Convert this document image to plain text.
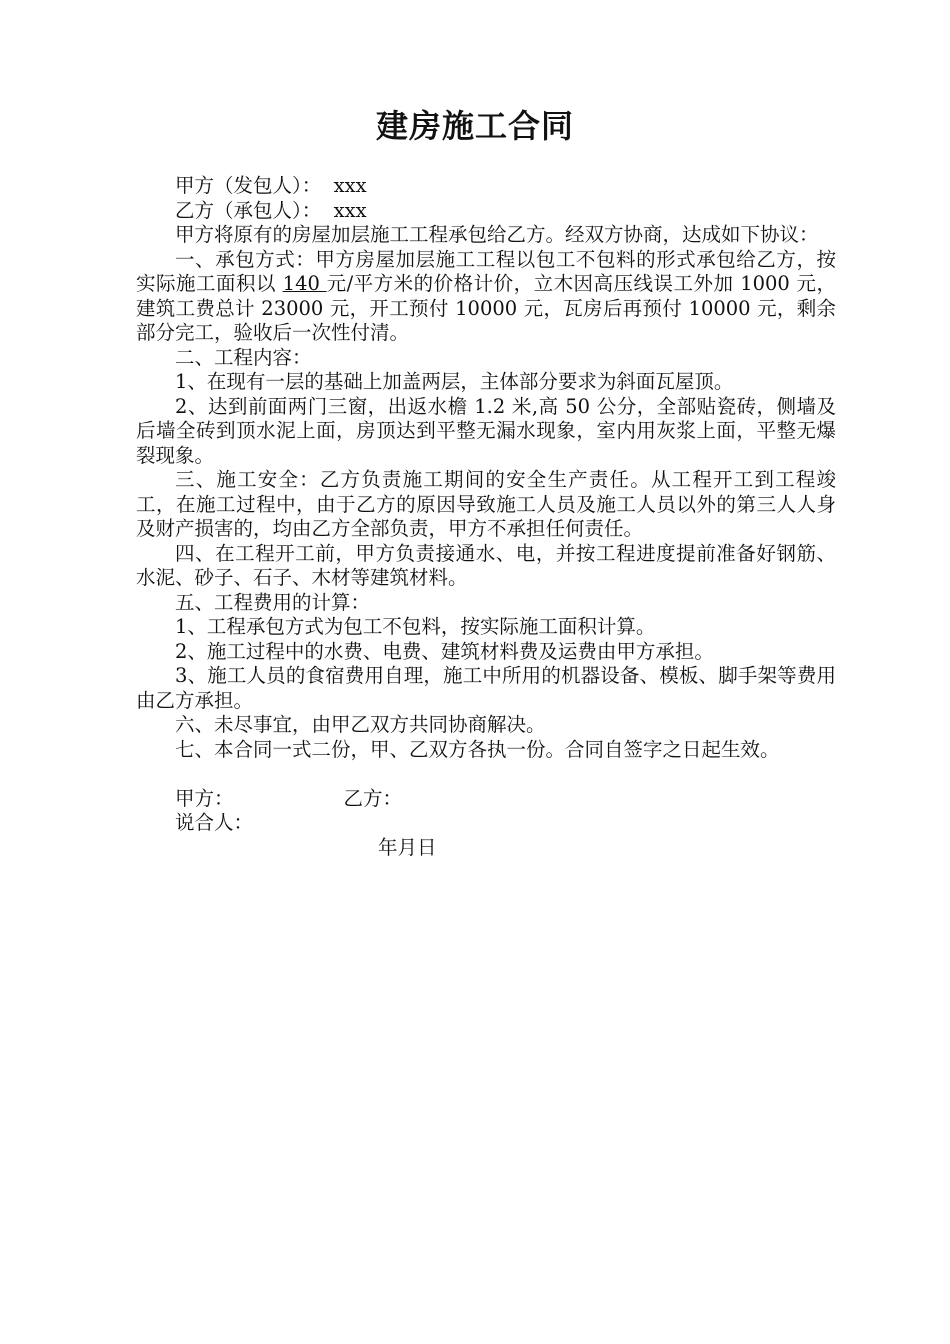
建房施工合同

甲方（发包人）：  xxx

乙方（承包人）：  xxx

甲方将原有的房屋加层施工工程承包给乙方。经双方协商，达成如下协议：

一、承包方式：甲方房屋加层施工工程以包工不包料的形式承包给乙方，按实际施工面积以 140 元/平方米的价格计价，立木因高压线误工外加 1000 元，建筑工费总计 23000 元，开工预付 10000 元，瓦房后再预付 10000 元，剩余部分完工，验收后一次性付清。

二、工程内容：

1、在现有一层的基础上加盖两层，主体部分要求为斜面瓦屋顶。

2、达到前面两门三窗，出返水檐 1.2 米,高 50 公分，全部贴瓷砖，侧墙及后墙全砖到顶水泥上面，房顶达到平整无漏水现象，室内用灰浆上面，平整无爆裂现象。

三、施工安全：乙方负责施工期间的安全生产责任。从工程开工到工程竣工，在施工过程中，由于乙方的原因导致施工人员及施工人员以外的第三人人身及财产损害的，均由乙方全部负责，甲方不承担任何责任。

四、在工程开工前，甲方负责接通水、电，并按工程进度提前准备好钢筋、水泥、砂子、石子、木材等建筑材料。

五、工程费用的计算：

1、工程承包方式为包工不包料，按实际施工面积计算。

2、施工过程中的水费、电费、建筑材料费及运费由甲方承担。

3、施工人员的食宿费用自理，施工中所用的机器设备、模板、脚手架等费用由乙方承担。

六、未尽事宜，由甲乙双方共同协商解决。

七、本合同一式二份，甲、乙双方各执一份。合同自签字之日起生效。

甲方：	乙方：

说合人：

年月日
